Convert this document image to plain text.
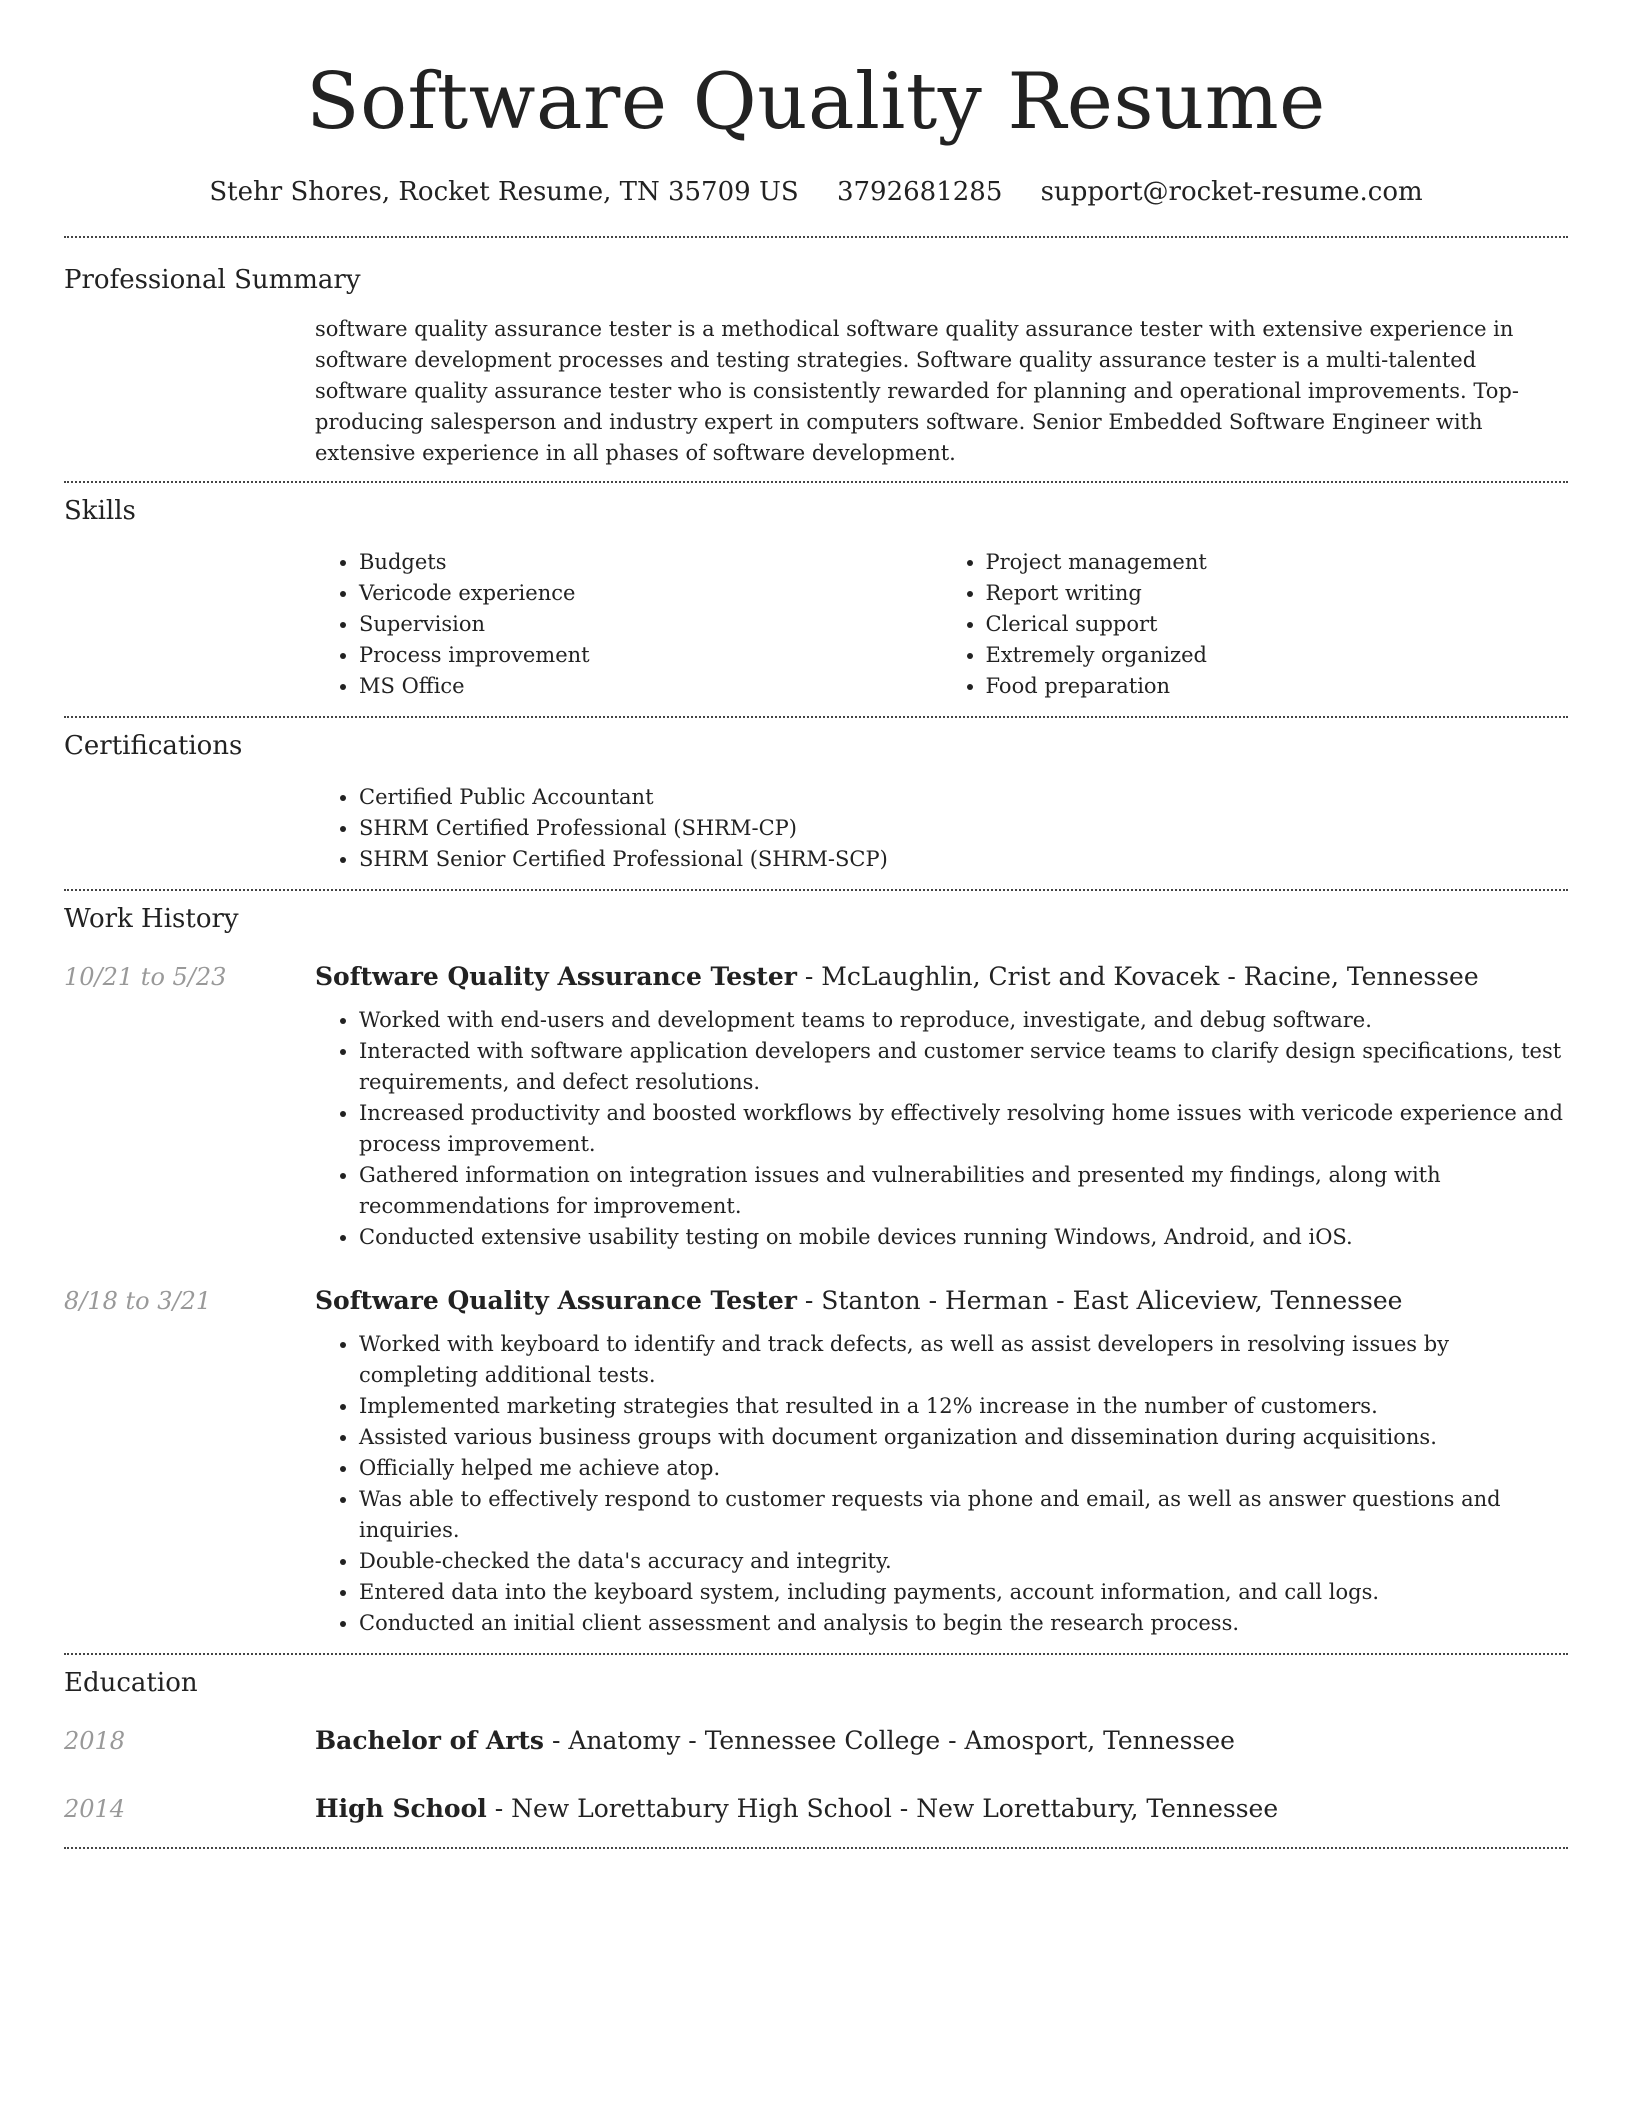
Software Quality Resume
Stehr Shores, Rocket Resume, TN 35709 US 3792681285 support@rocket-resume.com
Professional Summary

software quality assurance tester is a methodical software quality assurance tester with extensive experience in software development processes and testing strategies. Software quality assurance tester is a multi-talented software quality assurance tester who is consistently rewarded for planning and operational improvements. Top-producing salesperson and industry expert in computers software. Senior Embedded Software Engineer with extensive experience in all phases of software development.

Skills
• Budgets
• Vericode experience
• Supervision
• Process improvement
• MS Office
• Project management
• Report writing
• Clerical support
• Extremely organized
• Food preparation
Certifications
• Certified Public Accountant
• SHRM Certified Professional (SHRM-CP)
• SHRM Senior Certified Professional (SHRM-SCP)
Work History
10/21 to 5/23	Software Quality Assurance Tester - McLaughlin, Crist and Kovacek - Racine, Tennessee
• Worked with end-users and development teams to reproduce, investigate, and debug software.
• Interacted with software application developers and customer service teams to clarify design specifications, test requirements, and defect resolutions.
• Increased productivity and boosted workflows by effectively resolving home issues with vericode experience and process improvement.
• Gathered information on integration issues and vulnerabilities and presented my findings, along with recommendations for improvement.
• Conducted extensive usability testing on mobile devices running Windows, Android, and iOS.
8/18 to 3/21	Software Quality Assurance Tester - Stanton - Herman - East Aliceview, Tennessee
• Worked with keyboard to identify and track defects, as well as assist developers in resolving issues by completing additional tests.
• Implemented marketing strategies that resulted in a 12% increase in the number of customers.
• Assisted various business groups with document organization and dissemination during acquisitions.
• Officially helped me achieve atop.
• Was able to effectively respond to customer requests via phone and email, as well as answer questions and inquiries.
• Double-checked the data's accuracy and integrity.
• Entered data into the keyboard system, including payments, account information, and call logs.
• Conducted an initial client assessment and analysis to begin the research process.
Education
2018	Bachelor of Arts - Anatomy - Tennessee College - Amosport, Tennessee
2014	High School - New Lorettabury High School - New Lorettabury, Tennessee
